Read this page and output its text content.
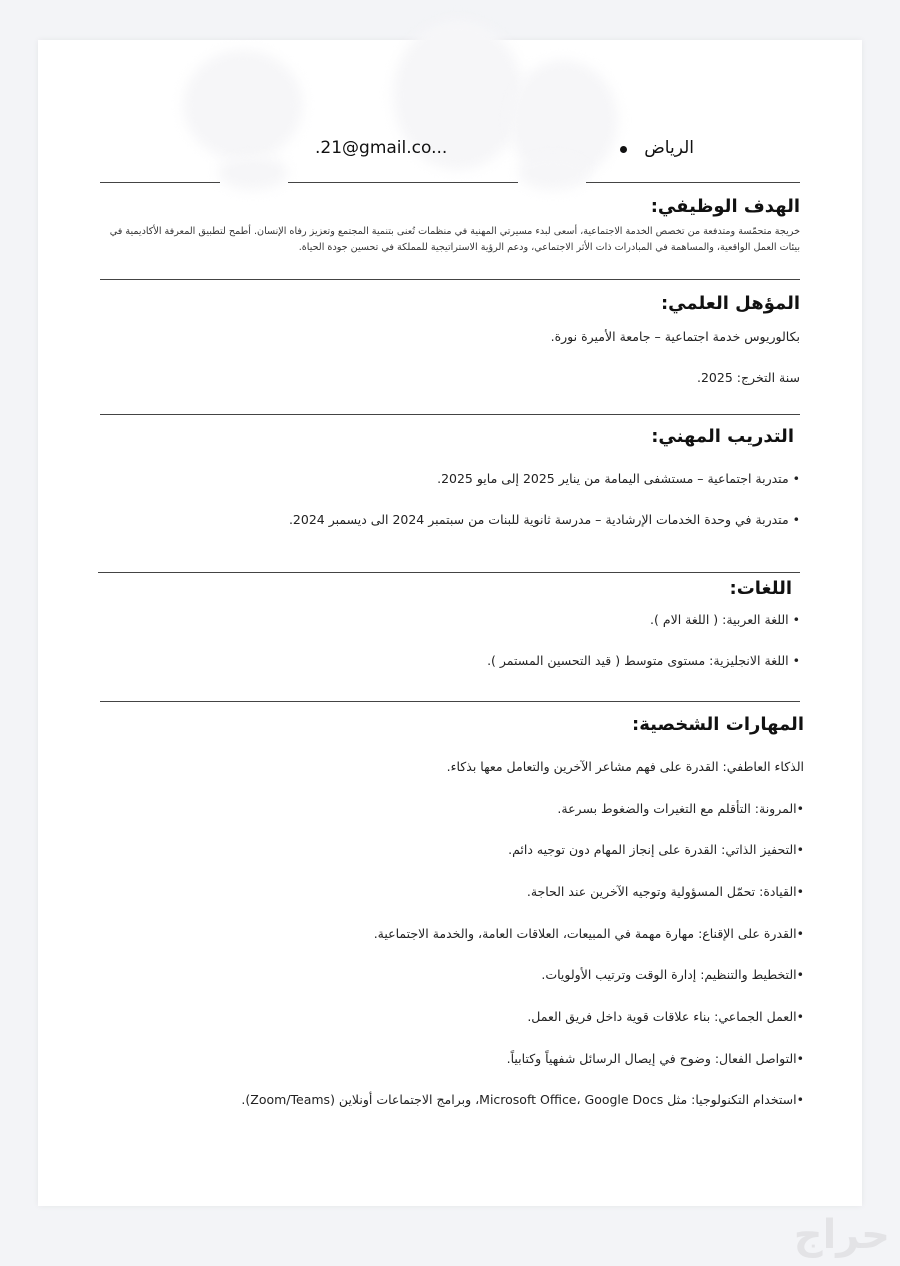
.21@gmail.co...	الرياض
الهدف الوظيفي:
خريجة متحمّسة ومتدفعة من تخصص الخدمة الاجتماعية، أسعى لبدء مسيرتي المهنية في منظمات تُعنى بتنمية المجتمع وتعزيز رفاه الإنسان. أطمح لتطبيق المعرفة الأكاديمية في
بيئات العمل الواقعية، والمساهمة في المبادرات ذات الأثر الاجتماعي، ودعم الرؤية الاستراتيجية للمملكة في تحسين جودة الحياة.
المؤهل العلمي:
بكالوريوس خدمة اجتماعية – جامعة الأميرة نورة.
سنة التخرج: 2025.
التدريب المهني:
• متدربة اجتماعية – مستشفى اليمامة من يناير 2025 إلى مايو 2025.
• متدربة في وحدة الخدمات الإرشادية – مدرسة ثانوية للبنات من سبتمبر 2024 الى ديسمبر 2024.
اللغات:
• اللغة العربية: ( اللغة الام ).
• اللغة الانجليزية: مستوى متوسط ( قيد التحسين المستمر ).
المهارات الشخصية:
الذكاء العاطفي: القدرة على فهم مشاعر الآخرين والتعامل معها بذكاء.
•المرونة: التأقلم مع التغيرات والضغوط بسرعة.
•التحفيز الذاتي: القدرة على إنجاز المهام دون توجيه دائم.
•القيادة: تحمّل المسؤولية وتوجيه الآخرين عند الحاجة.
•القدرة على الإقناع: مهارة مهمة في المبيعات، العلاقات العامة، والخدمة الاجتماعية.
•التخطيط والتنظيم: إدارة الوقت وترتيب الأولويات.
•العمل الجماعي: بناء علاقات قوية داخل فريق العمل.
•التواصل الفعال: وضوح في إيصال الرسائل شفهياً وكتابياً.
•استخدام التكنولوجيا: مثل Microsoft Office، Google Docs، وبرامج الاجتماعات أونلاين (Zoom/Teams).
حراج
